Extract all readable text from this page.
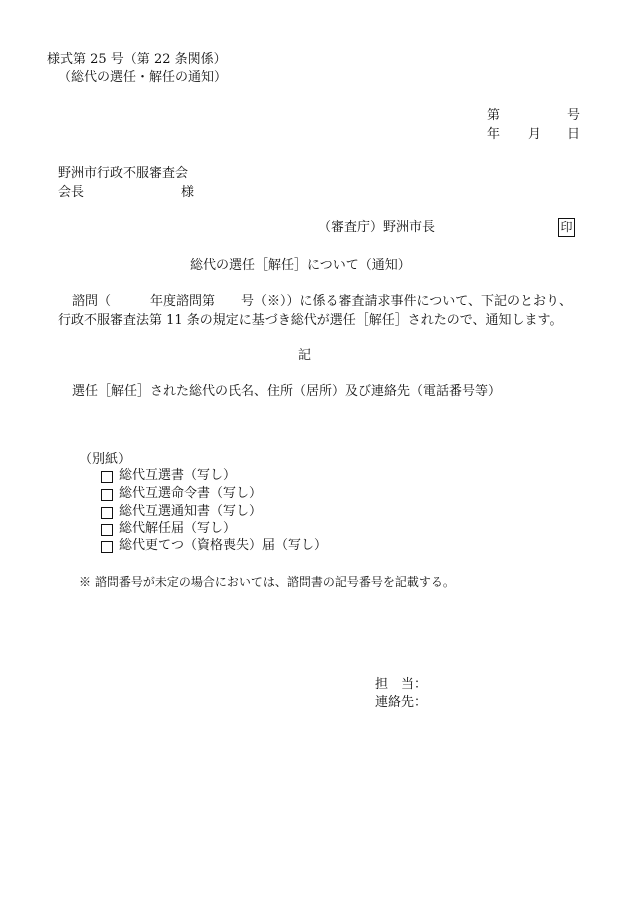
様式第 25 号（第 22 条関係）
（総代の選任・解任の通知）
第	号
年 月 日
野洲市行政不服審査会
会長	様
（審査庁）野洲市長	印
総代の選任［解任］について（通知）
諮問（　　　年度諮問第　　号（※））に係る審査請求事件について、下記のとおり、
行政不服審査法第 11 条の規定に基づき総代が選任［解任］されたので、通知します。
記
選任［解任］された総代の氏名、住所（居所）及び連絡先（電話番号等）
（別紙）
総代互選書（写し）
総代互選命令書（写し）
総代互選通知書（写し）
総代解任届（写し）
総代更てつ（資格喪失）届（写し）
※ 諮問番号が未定の場合においては、諮問書の記号番号を記載する。
担　当：
連絡先：
